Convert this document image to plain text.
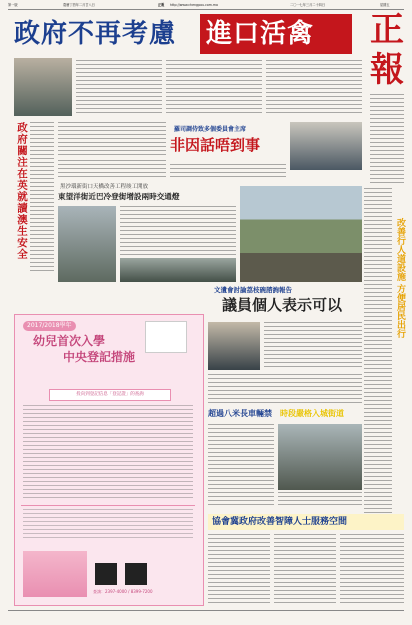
第一版	農曆丁酉年二月廿八日	正報 http://www.chengpou.com.mo	二〇一七年三月二十四日	星期五
政府不再考慮 進口活禽 正
報
政府關注在英就讀澳生安全	羅司調侍致多個委員會主席
非因話唔到事
黑沙環新街口天橋改善工程竣工開放
東望洋街近巴冷登街增設兩時交通燈
文遺會討論荔枝碗諮詢報告
議員個人表示可以	改善行人道設施 方便居民出行
2017/2018學年
幼兒首次入學
中央登記措施
投向到登記信息「登記證」的查詢
查詢：2397-4000 / 8399-7200
超過八米長車輛禁 時段嚴格入城街道
協會冀政府改善智障人士服務空間
